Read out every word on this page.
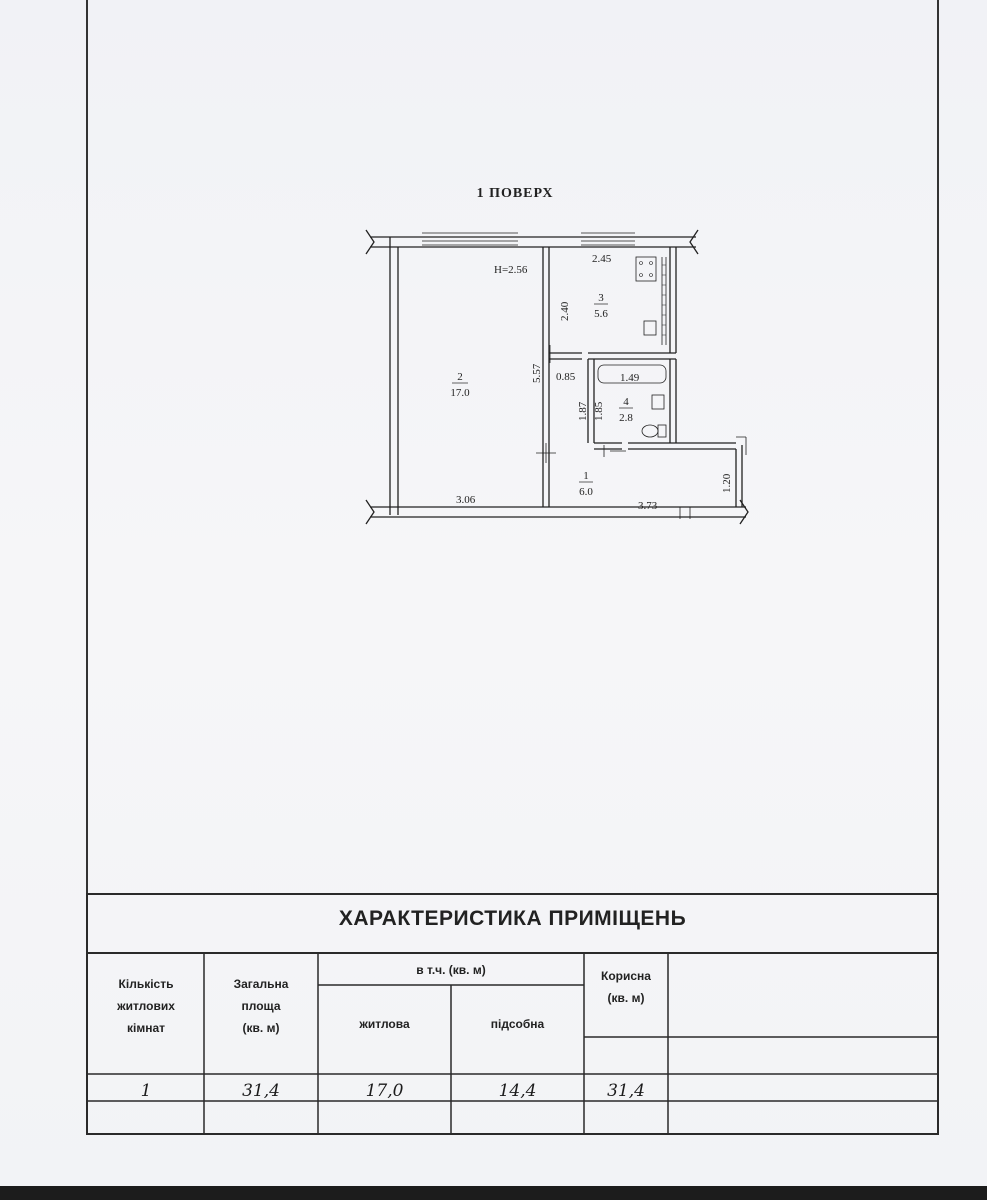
1 ПОВЕРХ
H=2.56
2.45
2.40
5.57 0.85	1.49
1.87 1.85
3.06	3.73
1.20
2
17.0
3
5.6
4
2.8
1
6.0
ХАРАКТЕРИСТИКА ПРИМІЩЕНЬ
Кількість
житлових
кімнат
Загальна
площа
(кв. м)
в т.ч. (кв. м)
житлова	підсобна
Корисна
(кв. м)
1	31,4	17,0	14,4	31,4
